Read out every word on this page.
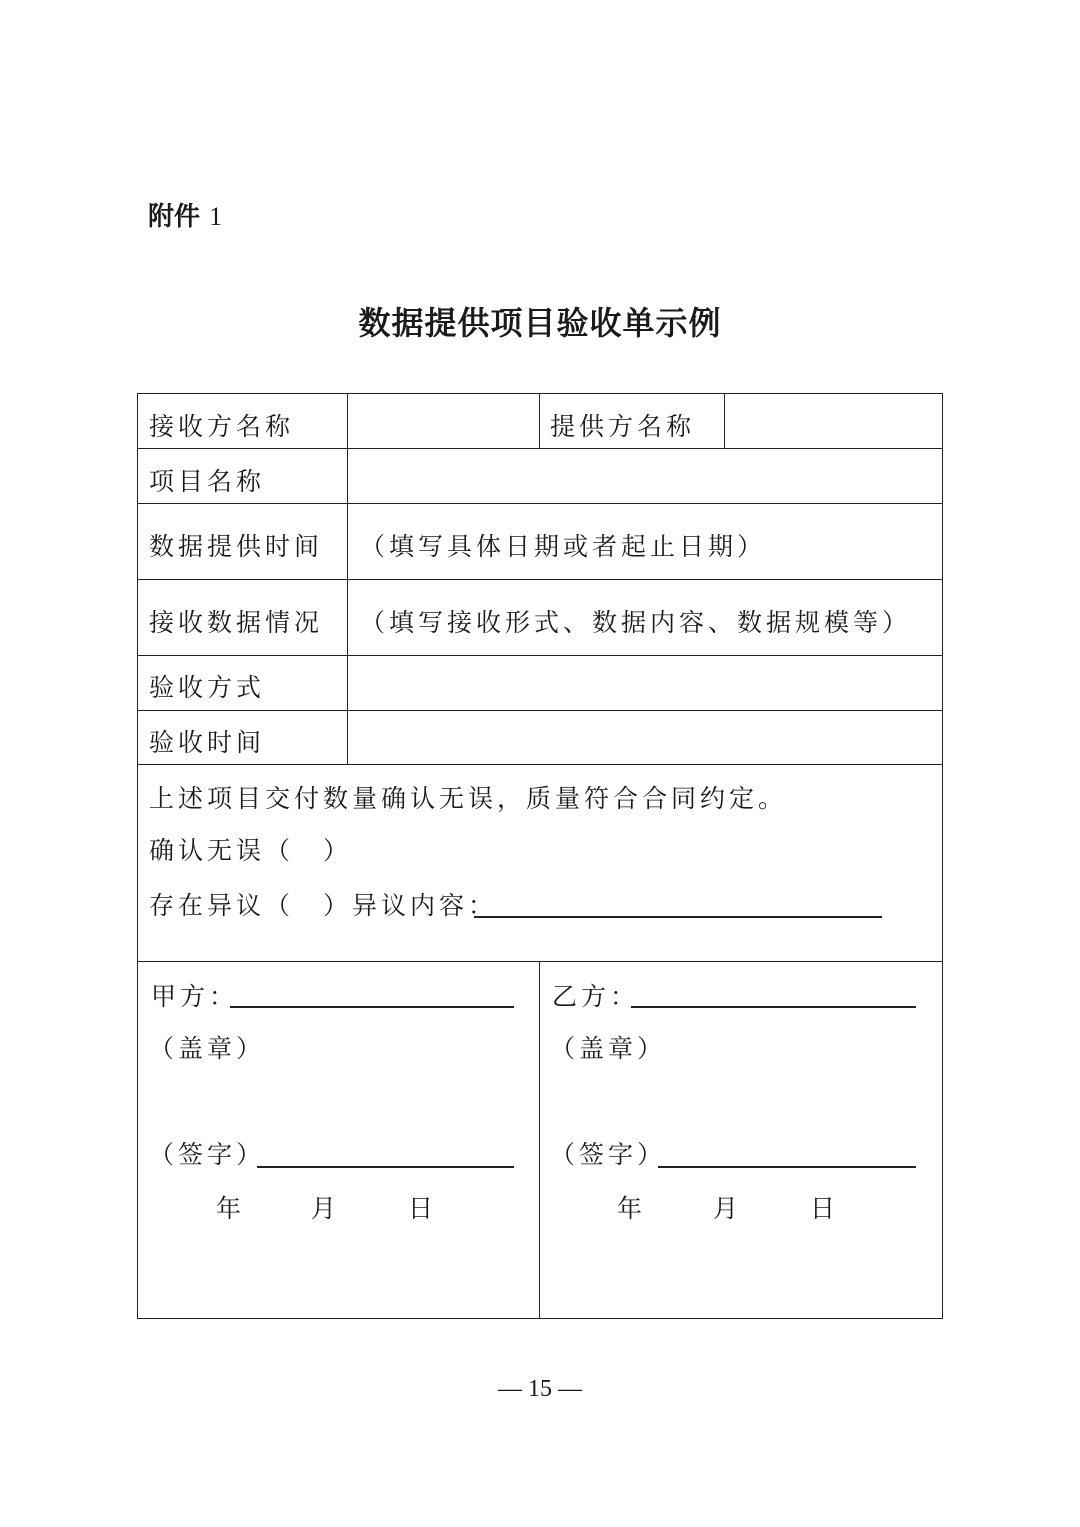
附件 1
数据提供项目验收单示例
接收方名称	提供方名称
项目名称
数据提供时间 （填写具体日期或者起止日期）
接收数据情况 （填写接收形式、数据内容、数据规模等）
验收方式
验收时间
上述项目交付数量确认无误，质量符合合同约定。
确认无误（　）
存在异议（　）异议内容：
甲方：
（盖章）
（签字）
年	月	日
乙方：
（盖章）
（签字）
年	月	日
— 15 —
